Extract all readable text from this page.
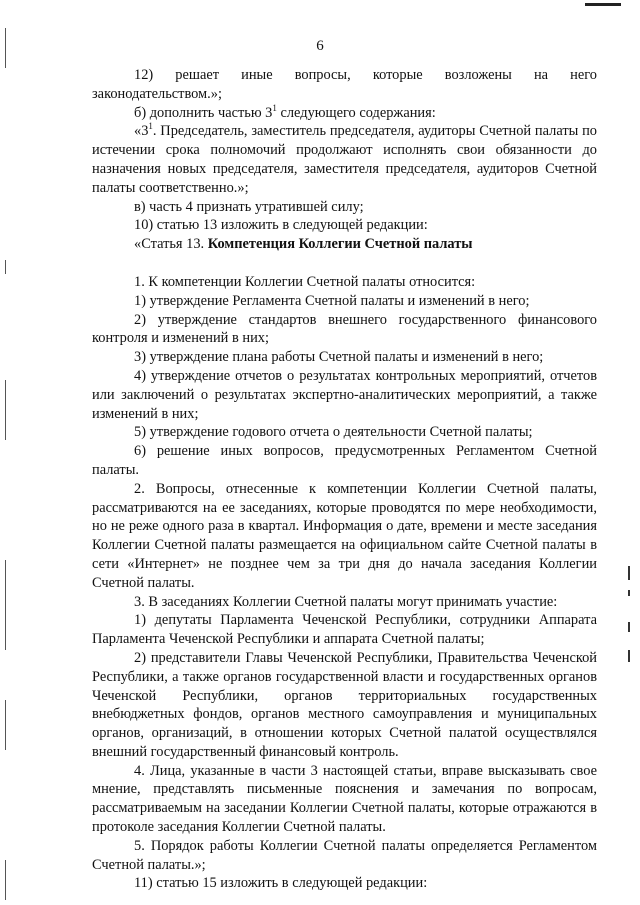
6

12) решает иные вопросы, которые возложены на него законодательством.»;

б) дополнить частью $3^1$ следующего содержания:

«$3^1$. Председатель, заместитель председателя, аудиторы Счетной палаты по истечении срока полномочий продолжают исполнять свои обязанности до назначения новых председателя, заместителя председателя, аудиторов Счетной палаты соответственно.»;

в) часть 4 признать утратившей силу;

10) статью 13 изложить в следующей редакции:

«Статья 13. Компетенция Коллегии Счетной палаты

1. К компетенции Коллегии Счетной палаты относится:

1) утверждение Регламента Счетной палаты и изменений в него;

2) утверждение стандартов внешнего государственного финансового контроля и изменений в них;

3) утверждение плана работы Счетной палаты и изменений в него;

4) утверждение отчетов о результатах контрольных мероприятий, отчетов или заключений о результатах экспертно-аналитических мероприятий, а также изменений в них;

5) утверждение годового отчета о деятельности Счетной палаты;

6) решение иных вопросов, предусмотренных Регламентом Счетной палаты.

2. Вопросы, отнесенные к компетенции Коллегии Счетной палаты, рассматриваются на ее заседаниях, которые проводятся по мере необходимости, но не реже одного раза в квартал. Информация о дате, времени и месте заседания Коллегии Счетной палаты размещается на официальном сайте Счетной палаты в сети «Интернет» не позднее чем за три дня до начала заседания Коллегии Счетной палаты.

3. В заседаниях Коллегии Счетной палаты могут принимать участие:

1) депутаты Парламента Чеченской Республики, сотрудники Аппарата Парламента Чеченской Республики и аппарата Счетной палаты;

2) представители Главы Чеченской Республики, Правительства Чеченской Республики, а также органов государственной власти и государственных органов Чеченской Республики, органов территориальных государственных внебюджетных фондов, органов местного самоуправления и муниципальных органов, организаций, в отношении которых Счетной палатой осуществлялся внешний государственный финансовый контроль.

4. Лица, указанные в части 3 настоящей статьи, вправе высказывать свое мнение, представлять письменные пояснения и замечания по вопросам, рассматриваемым на заседании Коллегии Счетной палаты, которые отражаются в протоколе заседания Коллегии Счетной палаты.

5. Порядок работы Коллегии Счетной палаты определяется Регламентом Счетной палаты.»;

11) статью 15 изложить в следующей редакции:
